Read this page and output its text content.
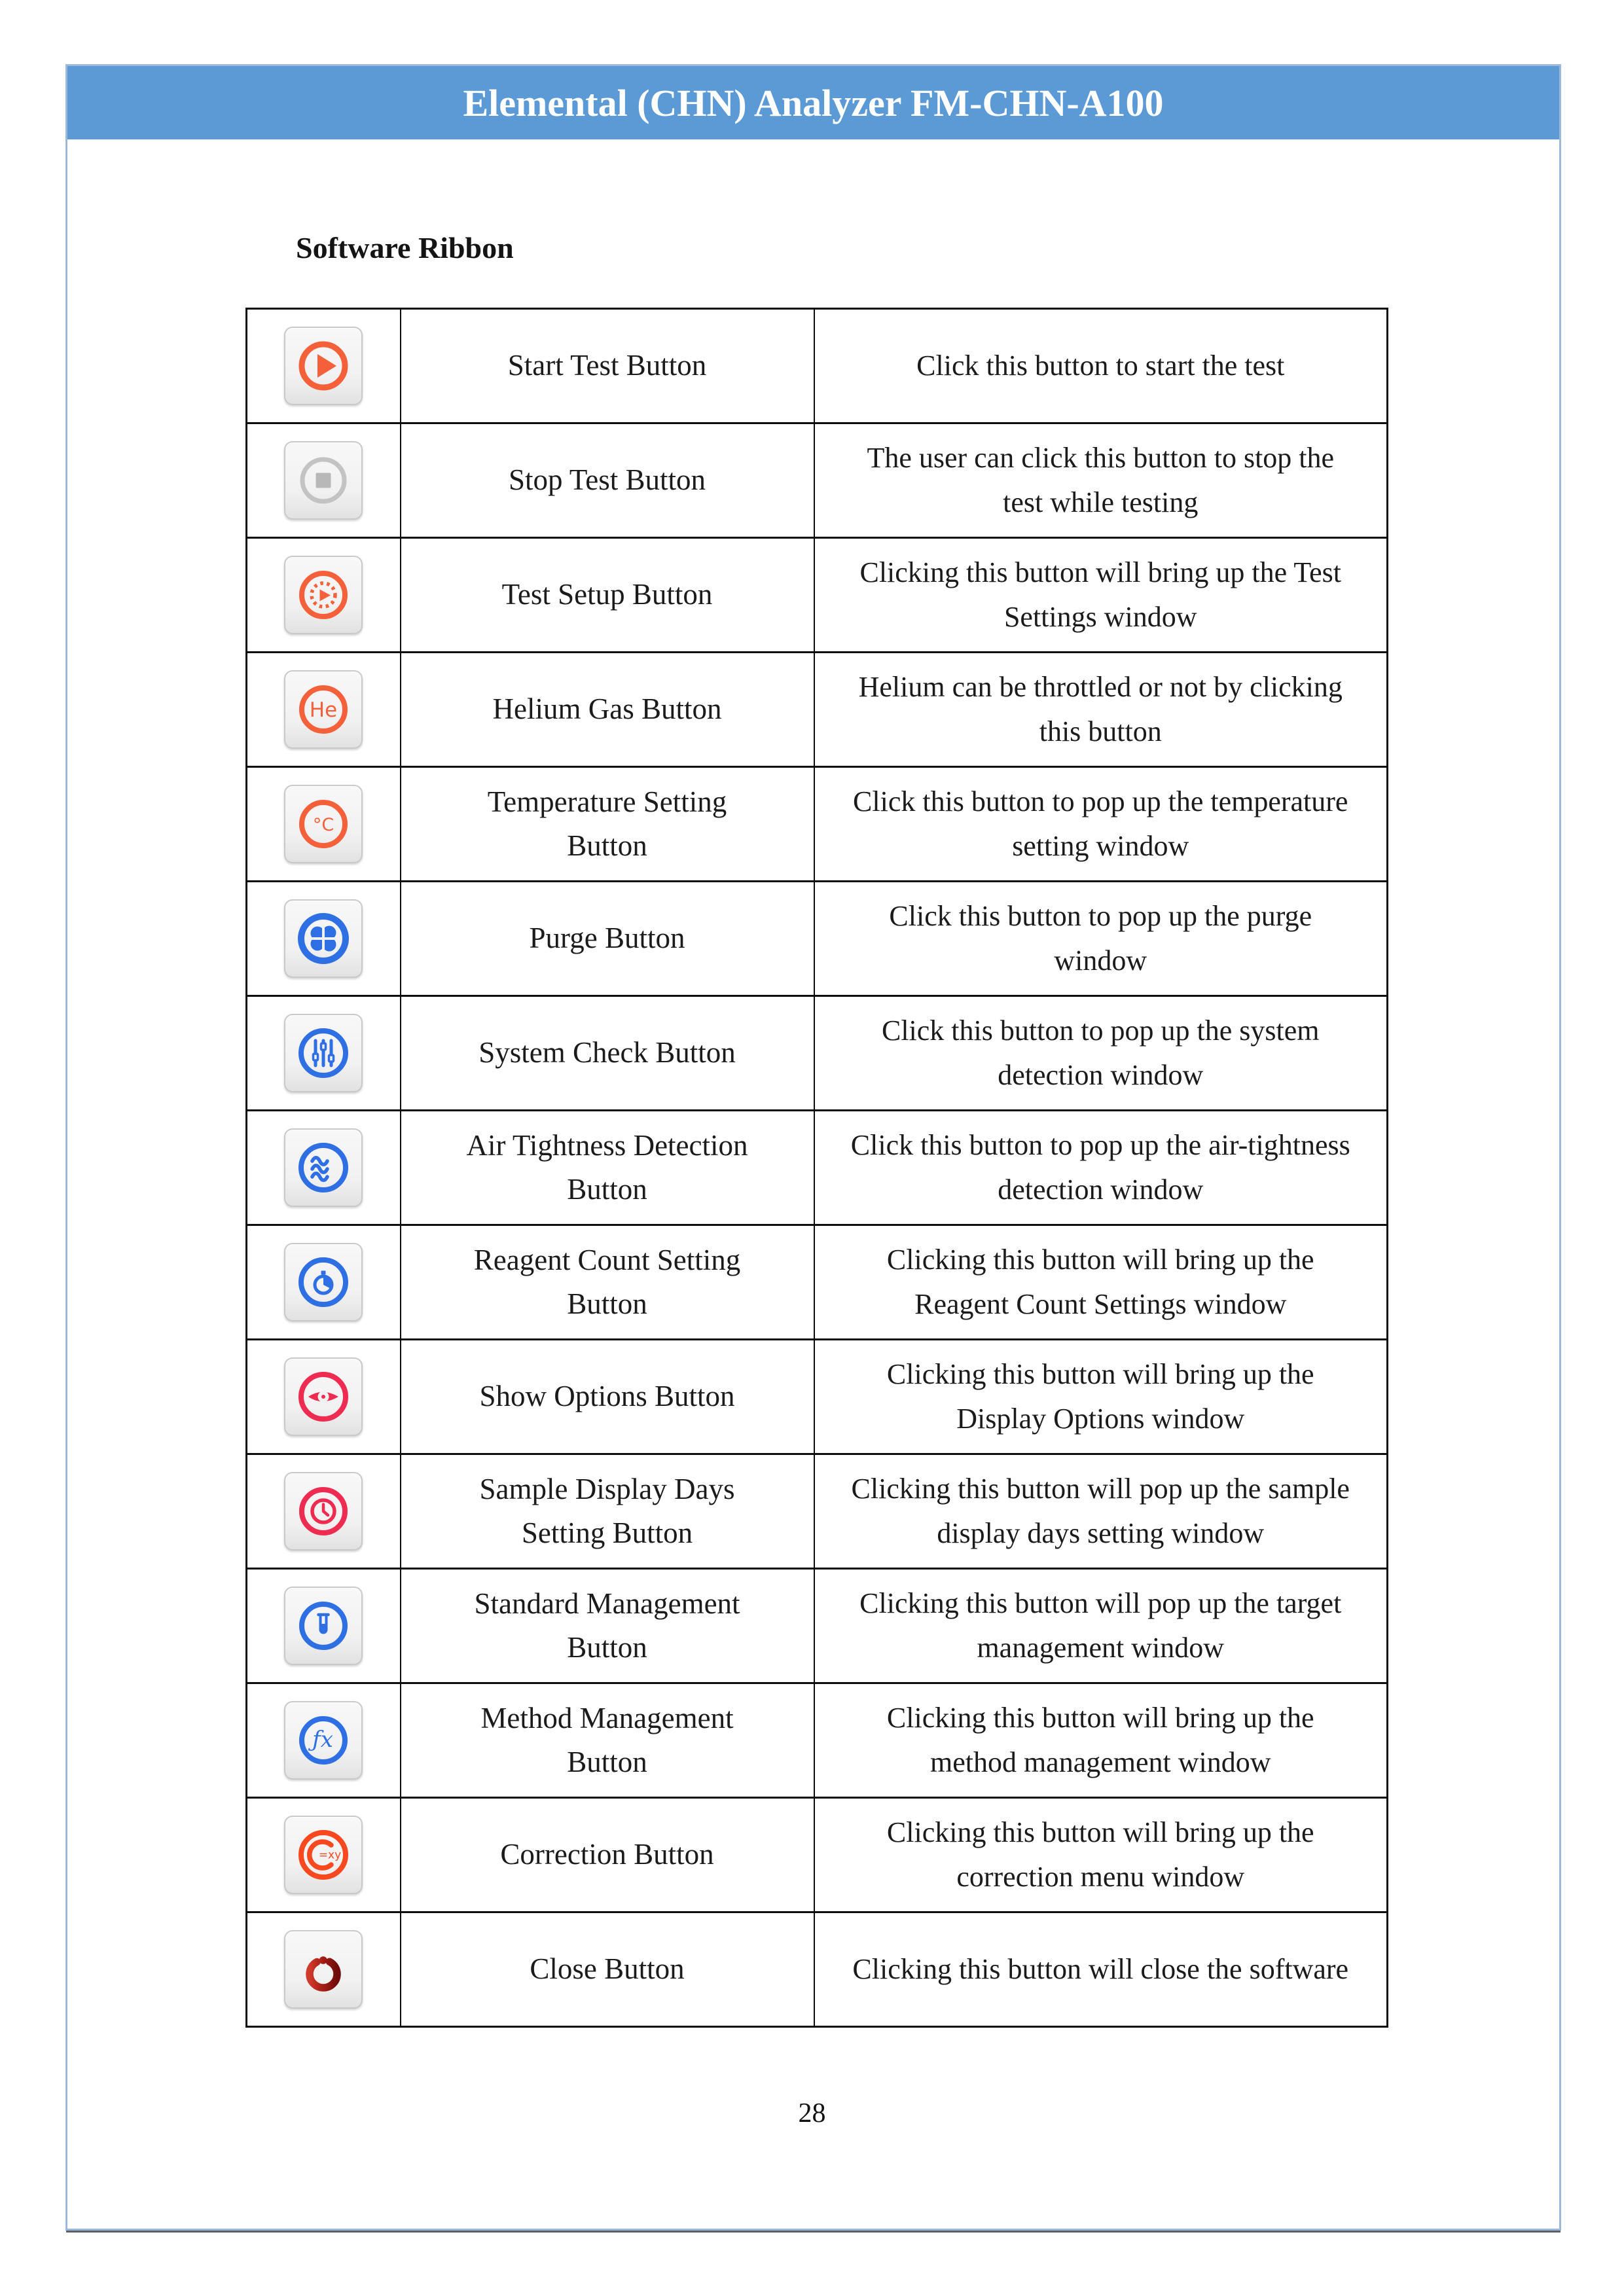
Elemental (CHN) Analyzer FM-CHN-A100
Software Ribbon
	Start Test Button	Click this button to start the test

	Stop Test Button	The user can click this button to stop the test while testing

	Test Setup Button	Clicking this button will bring up the Test Settings window

He	Helium Gas Button	Helium can be throttled or not by clicking this button

°C	Temperature Setting Button	Click this button to pop up the temperature setting window

	Purge Button	Click this button to pop up the purge window

	System Check Button	Click this button to pop up the system detection window

	Air Tightness Detection Button	Click this button to pop up the air-tightness detection window

	Reagent Count Setting Button	Clicking this button will bring up the Reagent Count Settings window

	Show Options Button	Clicking this button will bring up the Display Options window

	Sample Display Days Setting Button	Clicking this button will pop up the sample display days setting window

	Standard Management Button	Clicking this button will pop up the target management window

ƒx	Method Management Button	Clicking this button will bring up the method management window

=xy	Correction Button	Clicking this button will bring up the correction menu window

	Close Button	Clicking this button will close the software
28
